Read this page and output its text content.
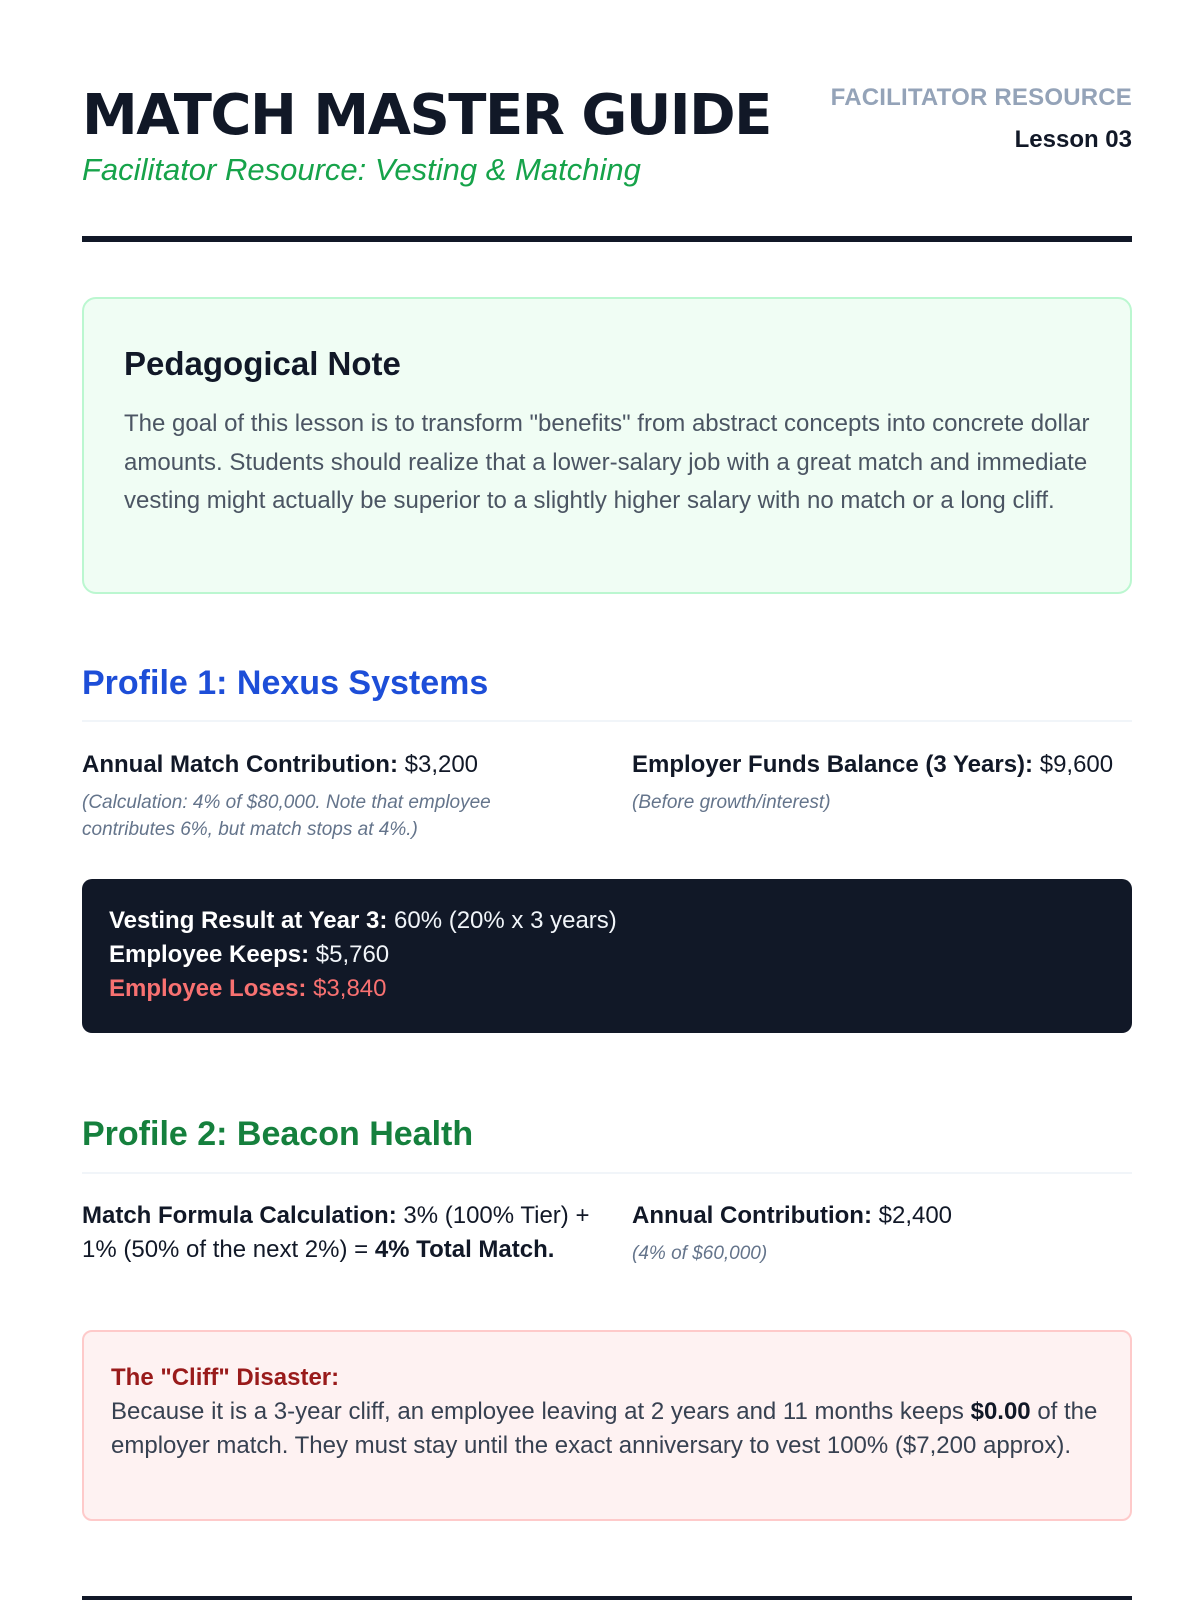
MATCH MASTER GUIDE
Facilitator Resource: Vesting & Matching
FACILITATOR RESOURCE
Lesson 03
Pedagogical Note
The goal of this lesson is to transform "benefits" from abstract concepts into concrete dollar amounts. Students should realize that a lower-salary job with a great match and immediate vesting might actually be superior to a slightly higher salary with no match or a long cliff.
Profile 1: Nexus Systems
Annual Match Contribution: $3,200
(Calculation: 4% of $80,000. Note that employee contributes 6%, but match stops at 4%.)
Employer Funds Balance (3 Years): $9,600
(Before growth/interest)
Vesting Result at Year 3: 60% (20% x 3 years)
Employee Keeps: $5,760
Employee Loses: $3,840
Profile 2: Beacon Health
Match Formula Calculation: 3% (100% Tier) + 1% (50% of the next 2%) = 4% Total Match.
Annual Contribution: $2,400
(4% of $60,000)
The "Cliff" Disaster:
Because it is a 3-year cliff, an employee leaving at 2 years and 11 months keeps $0.00 of the employer match. They must stay until the exact anniversary to vest 100% ($7,200 approx).
